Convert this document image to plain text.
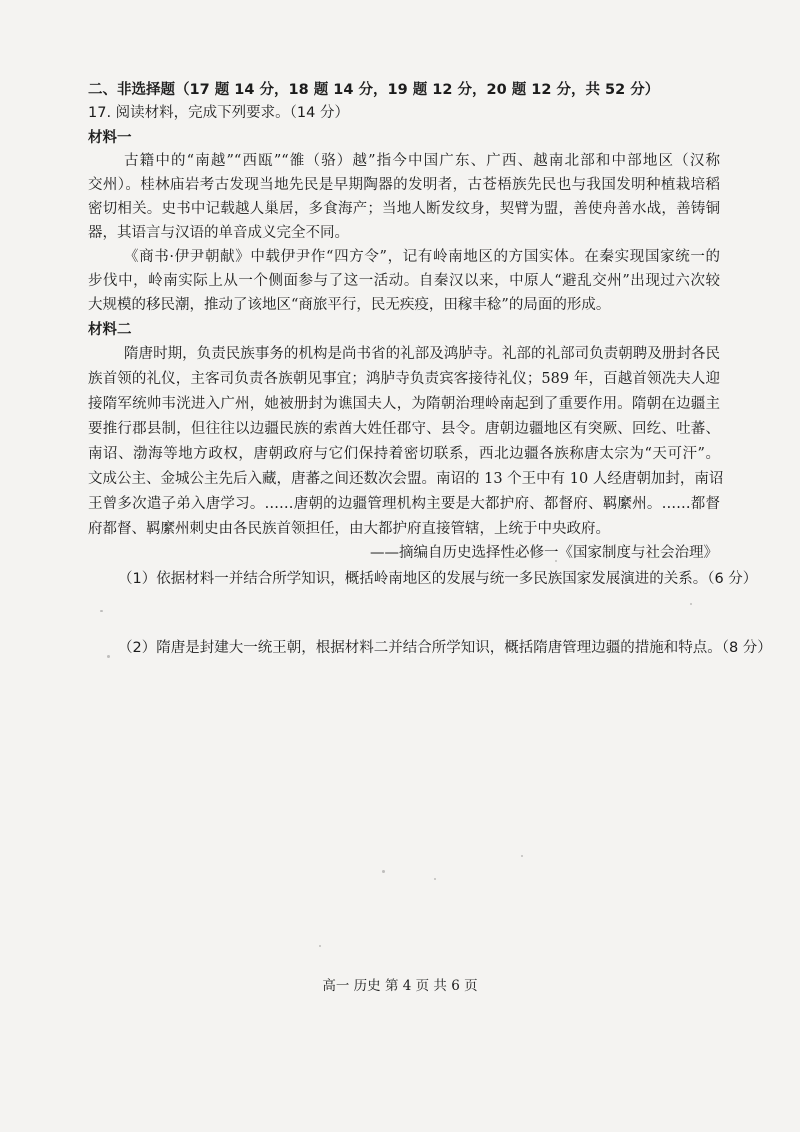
二、非选择题（17 题 14 分，18 题 14 分，19 题 12 分，20 题 12 分，共 52 分）
17. 阅读材料，完成下列要求。（14 分）
材料一
古籍中的“南越”“西瓯”“雒（骆）越”指今中国广东、广西、越南北部和中部地区（汉称
交州）。桂林庙岩考古发现当地先民是早期陶器的发明者，古苍梧族先民也与我国发明种植栽培稻
密切相关。史书中记载越人巢居，多食海产；当地人断发纹身，契臂为盟，善使舟善水战，善铸铜
器，其语言与汉语的单音成义完全不同。
《商书·伊尹朝献》中载伊尹作“四方令”，记有岭南地区的方国实体。在秦实现国家统一的
步伐中，岭南实际上从一个侧面参与了这一活动。自秦汉以来，中原人“避乱交州”出现过六次较
大规模的移民潮，推动了该地区“商旅平行，民无疾疫，田稼丰稔”的局面的形成。
材料二
隋唐时期，负责民族事务的机构是尚书省的礼部及鸿胪寺。礼部的礼部司负责朝聘及册封各民
族首领的礼仪，主客司负责各族朝见事宜；鸿胪寺负责宾客接待礼仪；589 年，百越首领冼夫人迎
接隋军统帅韦洸进入广州，她被册封为谯国夫人，为隋朝治理岭南起到了重要作用。隋朝在边疆主
要推行郡县制，但往往以边疆民族的索酋大姓任郡守、县令。唐朝边疆地区有突厥、回纥、吐蕃、
南诏、渤海等地方政权，唐朝政府与它们保持着密切联系，西北边疆各族称唐太宗为“天可汗”。
文成公主、金城公主先后入藏，唐蕃之间还数次会盟。南诏的 13 个王中有 10 人经唐朝加封，南诏
王曾多次遣子弟入唐学习。……唐朝的边疆管理机构主要是大都护府、都督府、羁縻州。……都督
府都督、羁縻州刺史由各民族首领担任，由大都护府直接管辖，上统于中央政府。
——摘编自历史选择性必修一《国家制度与社会治理》
（1）依据材料一并结合所学知识，概括岭南地区的发展与统一多民族国家发展演进的关系。（6 分）
（2）隋唐是封建大一统王朝，根据材料二并结合所学知识，概括隋唐管理边疆的措施和特点。（8 分）
高一 历史 第 4 页 共 6 页
